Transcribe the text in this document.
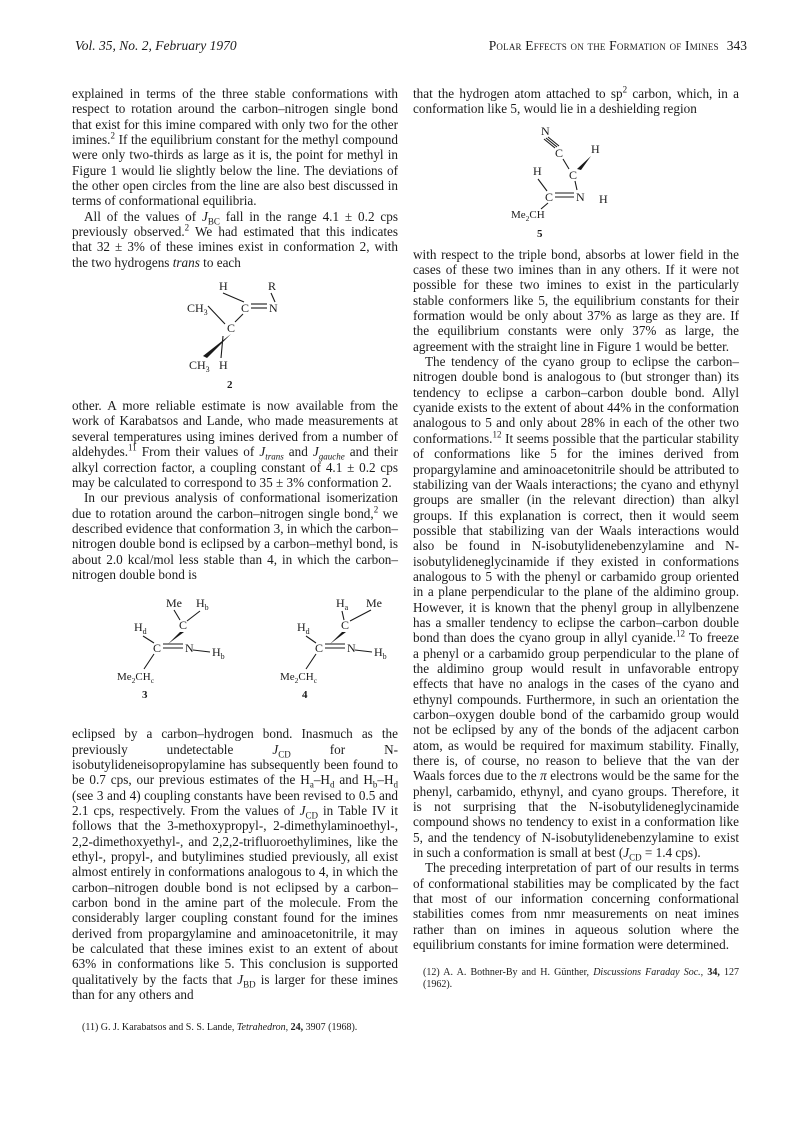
Vol. 35, No. 2, February 1970	Polar Effects on the Formation of Imines 343

explained in terms of the three stable conformations with respect to rotation around the carbon–nitrogen single bond that exist for this imine compared with only two for the other imines.$^2$ If the equilibrium constant for the methyl compound were only two-thirds as large as it is, the point for methyl in Figure 1 would lie slightly below the line. The deviations of the other open circles from the line are also best discussed in terms of conformational equilibria.

All of the values of $J_{BC}$ fall in the range 4.1 ± 0.2 cps previously observed.$^2$ We had estimated that this indicates that 32 ± 3% of these imines exist in conformation 2, with the two hydrogens trans to each

H	R
$CH_3$	C N
C
$CH_3$ H
2

other. A more reliable estimate is now available from the work of Karabatsos and Lande, who made measurements at several temperatures using imines derived from a number of aldehydes.$^{11}$ From their values of $J_{trans}$ and $J_{gauche}$ and their alkyl correction factor, a coupling constant of 4.1 ± 0.2 cps may be calculated to correspond to 35 ± 3% conformation 2.

In our previous analysis of conformational isomerization due to rotation around the carbon–nitrogen single bond,$^2$ we described evidence that conformation 3, in which the carbon–nitrogen double bond is eclipsed by a carbon–methyl bond, is about 2.0 kcal/mol less stable than 4, in which the carbon–nitrogen double bond is

Me $H_b$
C
$H_d$
C N $H_b$
$Me_2CH_c$
3
$H_a$ Me
C
$H_d$
C N $H_b$
$Me_2CH_c$
4

eclipsed by a carbon–hydrogen bond. Inasmuch as the previously undetectable $J_{CD}$ for N-isobutylideneisopropylamine has subsequently been found to be 0.7 cps, our previous estimates of the $H_a-H_d$ and $H_b-H_d$ (see 3 and 4) coupling constants have been revised to 0.5 and 2.1 cps, respectively. From the values of $J_{CD}$ in Table IV it follows that the 3-methoxypropyl-, 2-dimethylaminoethyl-, 2,2-dimethoxyethyl-, and 2,2,2-trifluoroethylimines, like the ethyl-, propyl-, and butylimines studied previously, all exist almost entirely in conformations analogous to 4, in which the carbon–nitrogen double bond is not eclipsed by a carbon–carbon bond in the amine part of the molecule. From the considerably larger coupling constant found for the imines derived from propargylamine and aminoacetonitrile, it may be calculated that these imines exist to an extent of about 63% in conformations like 5. This conclusion is supported qualitatively by the facts that $J_{BD}$ is larger for these imines than for any others and

(11) G. J. Karabatsos and S. S. Lande, Tetrahedron, 24, 3907 (1968).

that the hydrogen atom attached to $sp^2$ carbon, which, in a conformation like 5, would lie in a deshielding region

N
C H
H C
C N H
$Me_2CH$
5

with respect to the triple bond, absorbs at lower field in the cases of these two imines than in any others. If it were not possible for these two imines to exist in the particularly stable conformers like 5, the equilibrium constants for their formation would be only about 37% as large as they are. If the equilibrium constants were only 37% as large, the agreement with the straight line in Figure 1 would be better.

The tendency of the cyano group to eclipse the carbon–nitrogen double bond is analogous to (but stronger than) its tendency to eclipse a carbon–carbon double bond. Allyl cyanide exists to the extent of about 44% in the conformation analogous to 5 and only about 28% in each of the other two conformations.$^{12}$ It seems possible that the particular stability of conformations like 5 for the imines derived from propargylamine and aminoacetonitrile should be attributed to stabilizing van der Waals interactions; the cyano and ethynyl groups are smaller (in the relevant direction) than alkyl groups. If this explanation is correct, then it would seem possible that stabilizing van der Waals interactions would also be found in N-isobutylidenebenzylamine and N-isobutylideneglycinamide if they existed in conformations analogous to 5 with the phenyl or carbamido group oriented in a plane perpendicular to the plane of the aldimino group. However, it is known that the phenyl group in allylbenzene has a smaller tendency to eclipse the carbon–carbon double bond than does the cyano group in allyl cyanide.$^{12}$ To freeze a phenyl or a carbamido group perpendicular to the plane of the aldimino group would result in unfavorable entropy effects that have no analogs in the cases of the cyano and ethynyl compounds. Furthermore, in such an orientation the carbon–oxygen double bond of the carbamido group would not be eclipsed by any of the bonds of the adjacent carbon atom, as would be required for maximum stability. Finally, there is, of course, no reason to believe that the van der Waals forces due to the π electrons would be the same for the phenyl, carbamido, ethynyl, and cyano groups. Therefore, it is not surprising that the N-isobutylideneglycinamide compound shows no tendency to exist in a conformation like 5, and the tendency of N-isobutylidenebenzylamine to exist in such a conformation is small at best ($J_{CD} = 1.4$ cps).

The preceding interpretation of part of our results in terms of conformational stabilities may be complicated by the fact that most of our information concerning conformational stabilities comes from nmr measurements on neat imines rather than on imines in aqueous solution where the equilibrium constants for imine formation were determined.

(12) A. A. Bothner-By and H. Günther, Discussions Faraday Soc., 34, 127 (1962).
